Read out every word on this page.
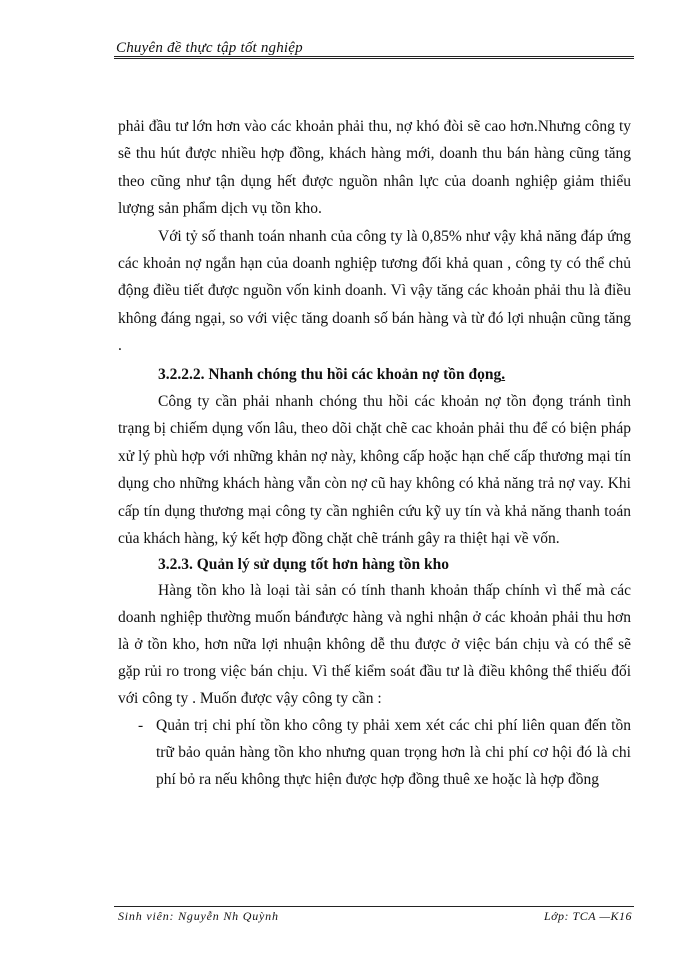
Chuyên đề thực tập tốt nghiệp

phải đầu tư lớn hơn vào các khoản phải thu, nợ khó đòi sẽ cao hơn.Nhưng công ty sẽ thu hút được nhiều hợp đồng, khách hàng mới, doanh thu bán hàng cũng tăng theo cũng như tận dụng hết được nguồn nhân lực của doanh nghiệp giảm thiểu lượng sản phẩm dịch vụ tồn kho.

Với tỷ số thanh toán nhanh của công ty là 0,85% như vậy khả năng đáp ứng các khoản nợ ngắn hạn của doanh nghiệp tương đối khả quan , công ty có thể chủ động điều tiết được nguồn vốn kinh doanh. Vì vậy tăng các khoản phải thu là điều không đáng ngại, so với việc tăng doanh số bán hàng và từ đó lợi nhuận cũng tăng .

3.2.2.2. Nhanh chóng thu hồi các khoản nợ tồn đọng.

Công ty cần phải nhanh chóng thu hồi các khoản nợ tồn đọng tránh tình trạng bị chiếm dụng vốn lâu, theo dõi chặt chẽ cac khoản phải thu để có biện pháp xử lý phù hợp với những khản nợ này, không cấp hoặc hạn chế cấp thương mại tín dụng cho những khách hàng vẫn còn nợ cũ hay không có khả năng trả nợ vay. Khi cấp tín dụng thương mại công ty cần nghiên cứu kỹ uy tín và khả năng thanh toán của khách hàng, ký kết hợp đồng chặt chẽ tránh gây ra thiệt hại về vốn.

3.2.3. Quản lý sử dụng tốt hơn hàng tồn kho

Hàng tồn kho là loại tài sản có tính thanh khoản thấp chính vì thế mà các doanh nghiệp thường muốn bánđược hàng và nghi nhận ở các khoản phải thu hơn là ở tồn kho, hơn nữa lợi nhuận không dễ thu được ở việc bán chịu và có thể sẽ gặp rủi ro trong việc bán chịu. Vì thế kiểm soát đầu tư là điều không thể thiếu đối với công ty . Muốn được vậy công ty cần :

- Quản trị chi phí tồn kho công ty phải xem xét các chi phí liên quan đến tồn trữ bảo quản hàng tồn kho nhưng quan trọng hơn là chi phí cơ hội đó là chi phí bỏ ra nếu không thực hiện được hợp đồng thuê xe hoặc là hợp đồng

Sinh viên: Nguyễn Nh Quỳnh	Lớp: TCA —K16
